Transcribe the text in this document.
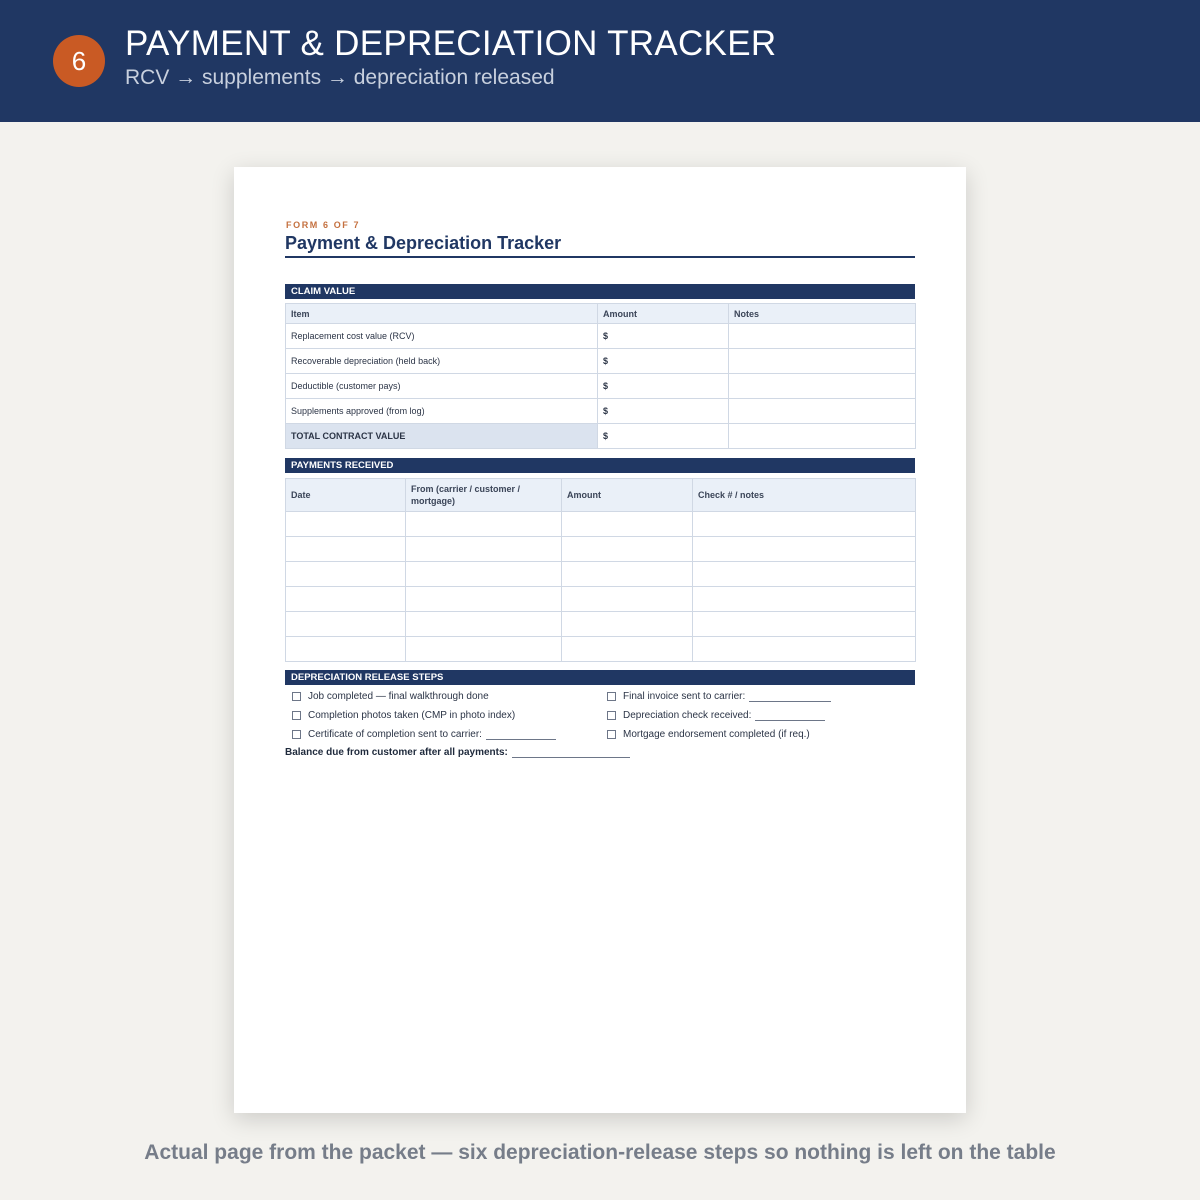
6	PAYMENT & DEPRECIATION TRACKER
RCV → supplements → depreciation released
FORM 6 OF 7
Payment & Depreciation Tracker
CLAIM VALUE
Item	Amount	Notes
Replacement cost value (RCV)	$	
Recoverable depreciation (held back)	$	
Deductible (customer pays)	$	
Supplements approved (from log)	$	
TOTAL CONTRACT VALUE	$	
PAYMENTS RECEIVED
Date	From (carrier / customer / mortgage)	Amount	Check # / notes

DEPRECIATION RELEASE STEPS
Job completed — final walkthrough done
Completion photos taken (CMP in photo index)
Certificate of completion sent to carrier:
Final invoice sent to carrier:
Depreciation check received:
Mortgage endorsement completed (if req.)
Balance due from customer after all payments:
Actual page from the packet — six depreciation-release steps so nothing is left on the table
